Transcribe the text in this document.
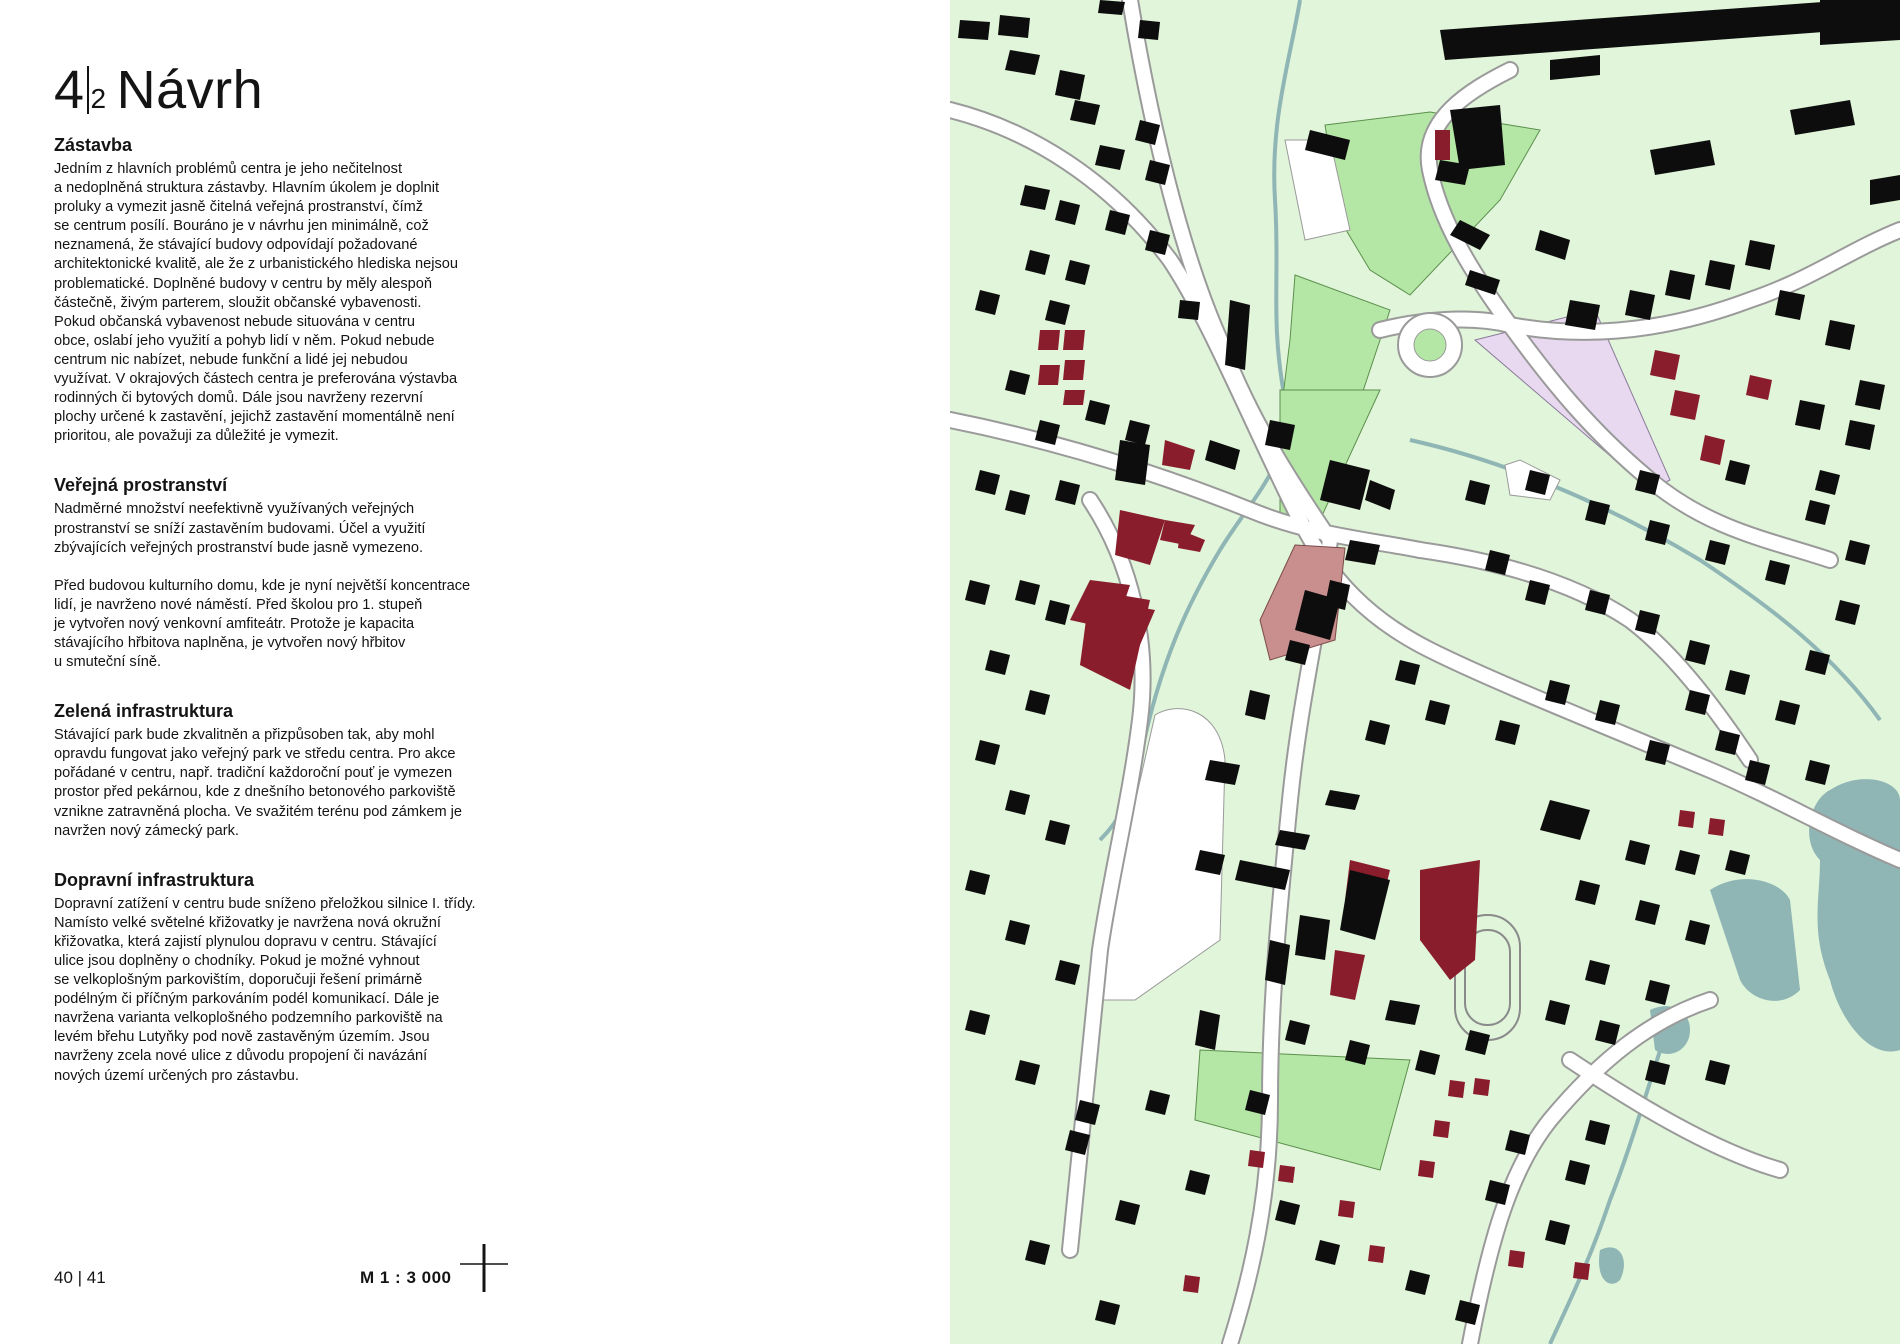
4 2 Návrh
Zástavba

Jedním z hlavních problémů centra je jeho nečitelnost
a nedoplněná struktura zástavby. Hlavním úkolem je doplnit
proluky a vymezit jasně čitelná veřejná prostranství, čímž
se centrum posílí. Bouráno je v návrhu jen minimálně, což
neznamená, že stávající budovy odpovídají požadované
architektonické kvalitě, ale že z urbanistického hlediska nejsou
problematické. Doplněné budovy v centru by měly alespoň
částečně, živým parterem, sloužit občanské vybavenosti.
Pokud občanská vybavenost nebude situována v centru
obce, oslabí jeho využití a pohyb lidí v něm. Pokud nebude
centrum nic nabízet, nebude funkční a lidé jej nebudou
využívat. V okrajových částech centra je preferována výstavba
rodinných či bytových domů. Dále jsou navrženy rezervní
plochy určené k zastavění, jejichž zastavění momentálně není
prioritou, ale považuji za důležité je vymezit.

Veřejná prostranství

Nadměrné množství neefektivně využívaných veřejných
prostranství se sníží zastavěním budovami. Účel a využití
zbývajících veřejných prostranství bude jasně vymezeno.

Před budovou kulturního domu, kde je nyní největší koncentrace
lidí, je navrženo nové náměstí. Před školou pro 1. stupeň
je vytvořen nový venkovní amfiteátr. Protože je kapacita
stávajícího hřbitova naplněna, je vytvořen nový hřbitov
u smuteční síně.

Zelená infrastruktura

Stávající park bude zkvalitněn a přizpůsoben tak, aby mohl
opravdu fungovat jako veřejný park ve středu centra. Pro akce
pořádané v centru, např. tradiční každoroční pouť je vymezen
prostor před pekárnou, kde z dnešního betonového parkoviště
vznikne zatravněná plocha. Ve svažitém terénu pod zámkem je
navržen nový zámecký park.

Dopravní infrastruktura

Dopravní zatížení v centru bude sníženo přeložkou silnice I. třídy.
Namísto velké světelné křižovatky je navržena nová okružní
křižovatka, která zajistí plynulou dopravu v centru. Stávající
ulice jsou doplněny o chodníky. Pokud je možné vyhnout
se velkoplošným parkovištím, doporučuji řešení primárně
podélným či příčným parkováním podél komunikací. Dále je
navržena varianta velkoplošného podzemního parkoviště na
levém břehu Lutyňky pod nově zastavěným územím. Jsou
navrženy zcela nové ulice z důvodu propojení či navázání
nových území určených pro zástavbu.

40 | 41	M 1 : 3 000
